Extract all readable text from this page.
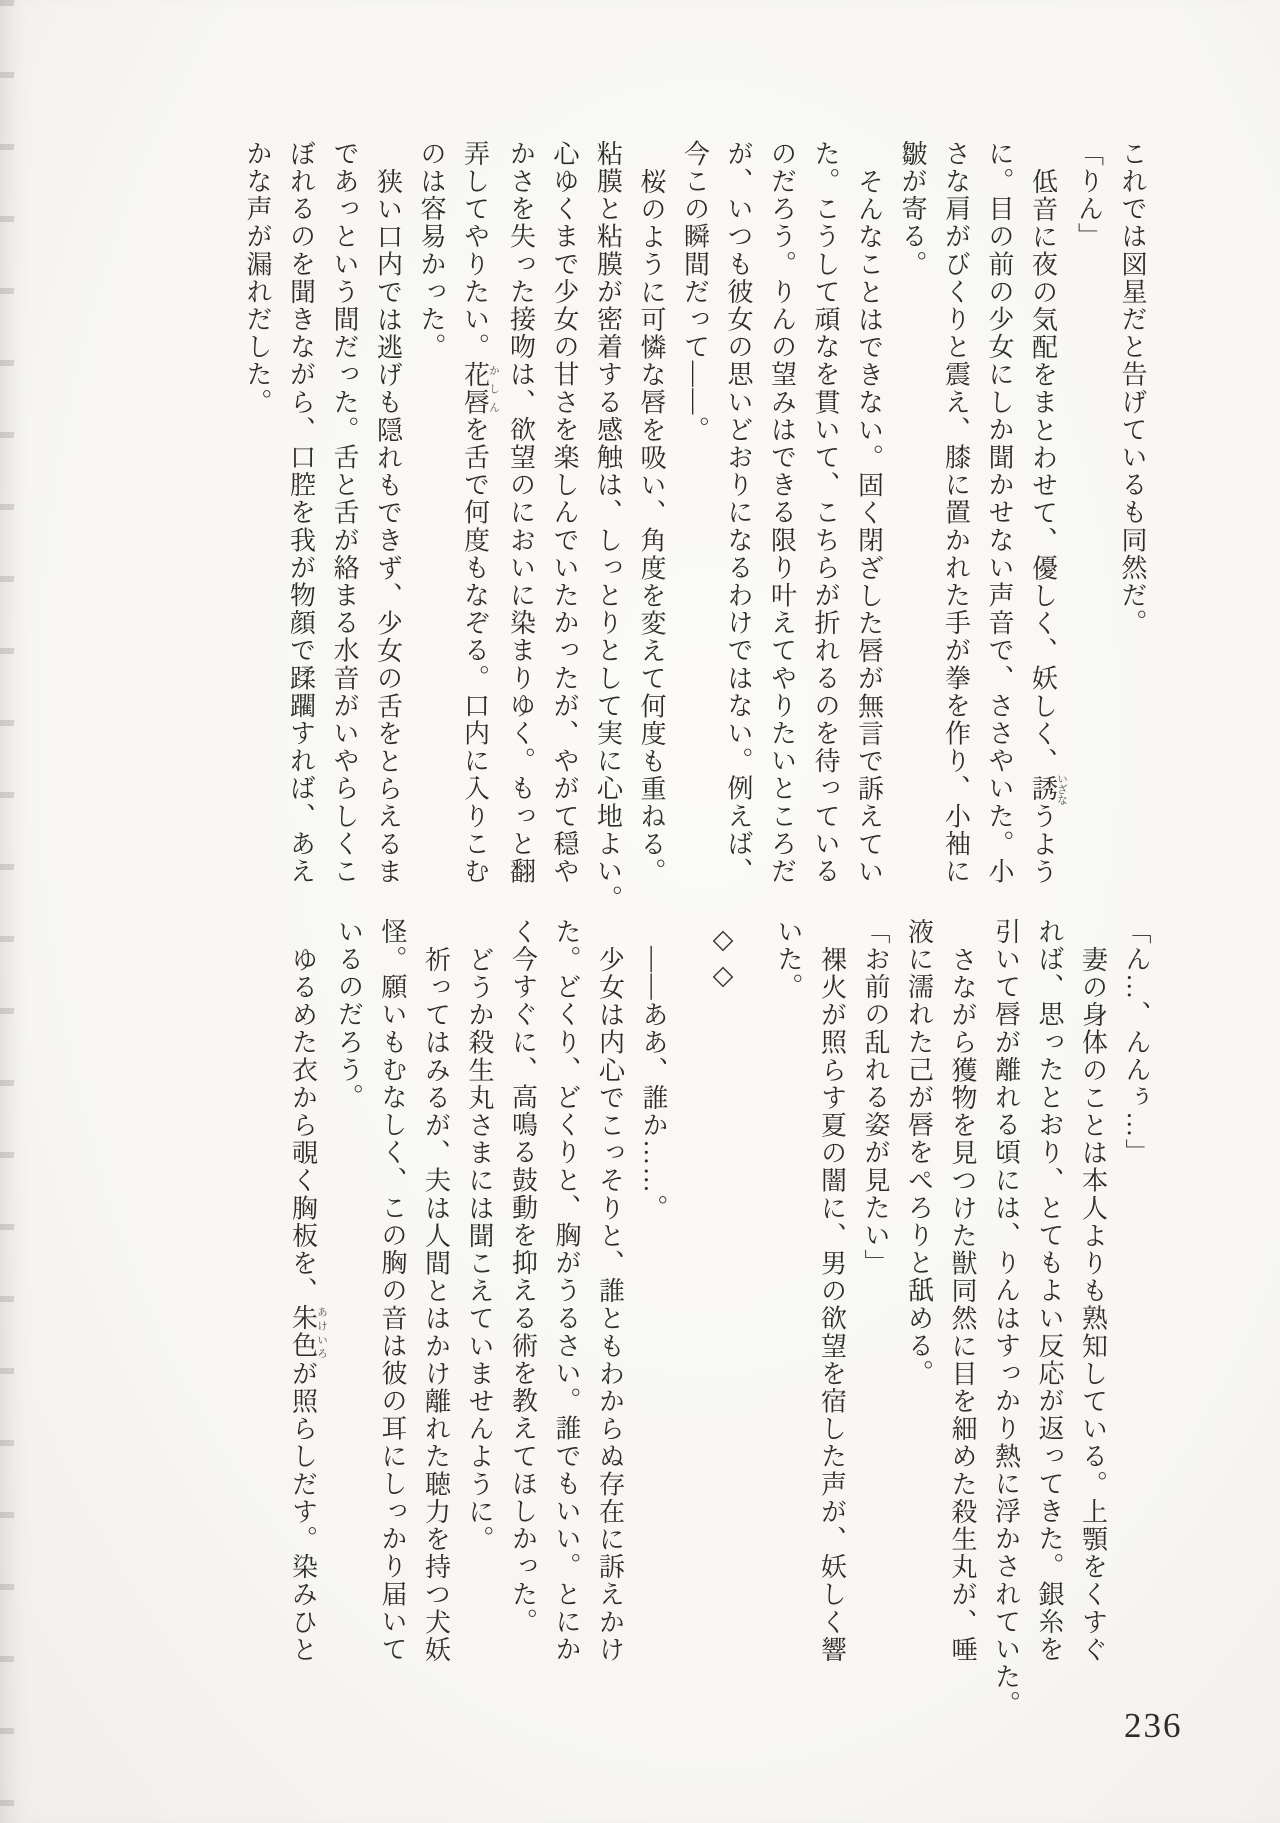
これでは図星だと告げているも同然だ。
「りん」
低音に夜の気配をまとわせて、優しく、妖しく、誘いざなうよう
に。目の前の少女にしか聞かせない声音で、ささやいた。小
さな肩がびくりと震え、膝に置かれた手が拳を作り、小袖に
皺が寄る。
そんなことはできない。固く閉ざした唇が無言で訴えてい
た。こうして頑なを貫いて、こちらが折れるのを待っている
のだろう。りんの望みはできる限り叶えてやりたいところだ
が、いつも彼女の思いどおりになるわけではない。例えば、
今この瞬間だって――。
桜のように可憐な唇を吸い、角度を変えて何度も重ねる。
粘膜と粘膜が密着する感触は、しっとりとして実に心地よい。
心ゆくまで少女の甘さを楽しんでいたかったが、やがて穏や
かさを失った接吻は、欲望のにおいに染まりゆく。もっと翻
弄してやりたい。花唇かしんを舌で何度もなぞる。口内に入りこむ
のは容易かった。
狭い口内では逃げも隠れもできず、少女の舌をとらえるま
であっという間だった。舌と舌が絡まる水音がいやらしくこ
ぼれるのを聞きながら、口腔を我が物顔で蹂躙すれば、あえ
かな声が漏れだした。
「ん…、んんぅ…」
妻の身体のことは本人よりも熟知している。上顎をくすぐ
れば、思ったとおり、とてもよい反応が返ってきた。銀糸を
引いて唇が離れる頃には、りんはすっかり熱に浮かされていた。
さながら獲物を見つけた獣同然に目を細めた殺生丸が、唾
液に濡れた己が唇をぺろりと舐める。
「お前の乱れる姿が見たい」
裸火が照らす夏の闇に、男の欲望を宿した声が、妖しく響
いた。
◇◇
――ああ、誰か……。
少女は内心でこっそりと、誰ともわからぬ存在に訴えかけ
た。どくり、どくりと、胸がうるさい。誰でもいい。とにか
く今すぐに、高鳴る鼓動を抑える術を教えてほしかった。
どうか殺生丸さまには聞こえていませんように。
祈ってはみるが、夫は人間とはかけ離れた聴力を持つ犬妖
怪。願いもむなしく、この胸の音は彼の耳にしっかり届いて
いるのだろう。
ゆるめた衣から覗く胸板を、朱色あけいろが照らしだす。染みひと
236
